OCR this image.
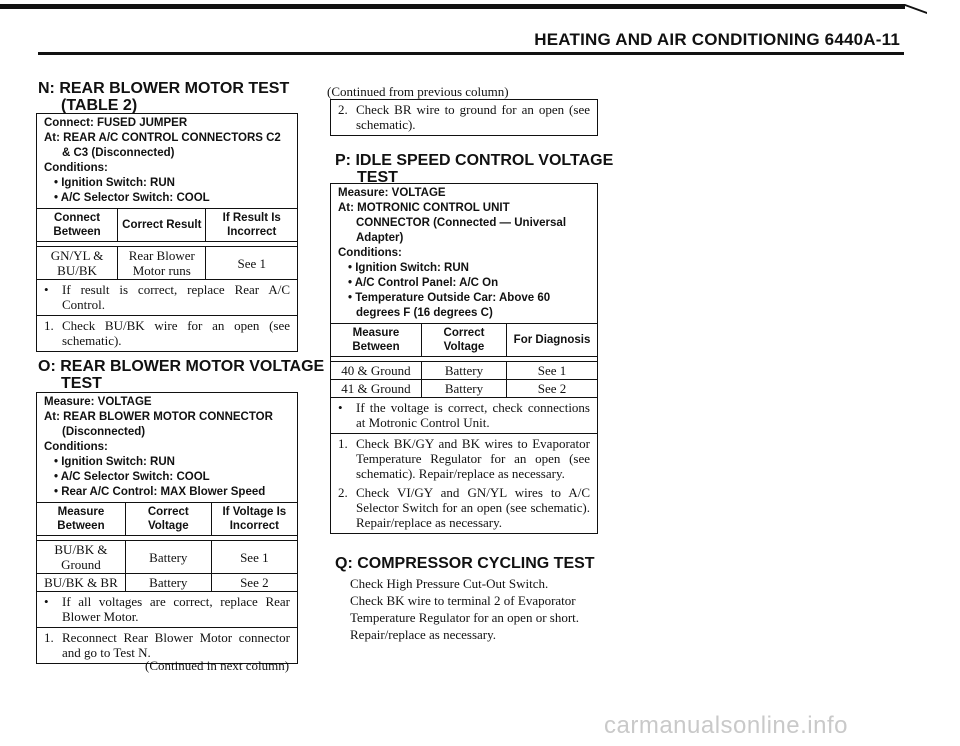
HEATING AND AIR CONDITIONING 6440A-11
N: REAR BLOWER MOTOR TEST
(TABLE 2)
Connect: FUSED JUMPER
At: REAR A/C CONTROL CONNECTORS C2
& C3 (Disconnected)
Conditions:
• Ignition Switch: RUN
• A/C Selector Switch: COOL
Connect Between	Correct Result	If Result Is Incorrect

GN/YL & BU/BK	Rear Blower Motor runs	See 1
• If result is correct, replace Rear A/C Control.
1. Check BU/BK wire for an open (see schematic).
O: REAR BLOWER MOTOR VOLTAGE
TEST
Measure: VOLTAGE
At: REAR BLOWER MOTOR CONNECTOR
(Disconnected)
Conditions:
• Ignition Switch: RUN
• A/C Selector Switch: COOL
• Rear A/C Control: MAX Blower Speed
Measure Between	Correct Voltage	If Voltage Is Incorrect

BU/BK & Ground	Battery	See 1
BU/BK & BR	Battery	See 2
• If all voltages are correct, replace Rear Blower Motor.
1. Reconnect Rear Blower Motor connector and go to Test N.
(Continued in next column)
(Continued from previous column)
2. Check BR wire to ground for an open (see schematic).
P: IDLE SPEED CONTROL VOLTAGE
TEST
Measure: VOLTAGE
At: MOTRONIC CONTROL UNIT
CONNECTOR (Connected — Universal
Adapter)
Conditions:
• Ignition Switch: RUN
• A/C Control Panel: A/C On
• Temperature Outside Car: Above 60
degrees F (16 degrees C)
Measure Between	Correct Voltage	For Diagnosis

40 & Ground	Battery	See 1
41 & Ground	Battery	See 2
• If the voltage is correct, check connections at Motronic Control Unit.
1. Check BK/GY and BK wires to Evaporator Temperature Regulator for an open (see schematic). Repair/replace as necessary.
2. Check VI/GY and GN/YL wires to A/C Selector Switch for an open (see schematic). Repair/replace as necessary.
Q: COMPRESSOR CYCLING TEST
Check High Pressure Cut-Out Switch.
Check BK wire to terminal 2 of Evaporator
Temperature Regulator for an open or short.
Repair/replace as necessary.
carmanualsonline.info
